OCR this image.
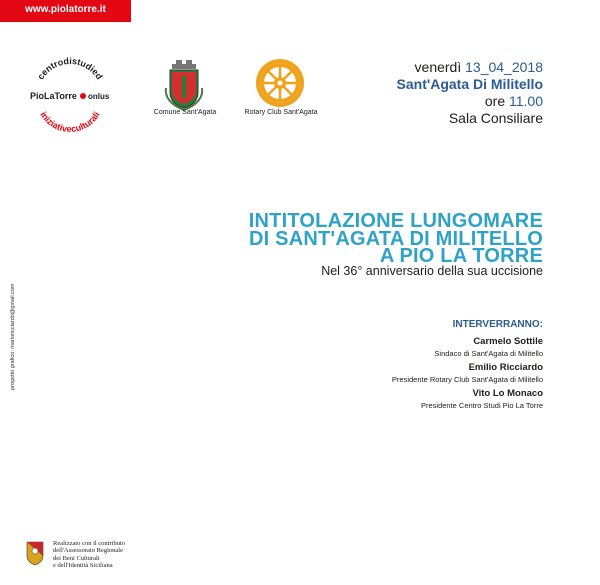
www.piolatorre.it
centrodistudied
iniziativeculturali
PioLaTorre onlus
Comune Sant'Agata	Rotary Club Sant'Agata
venerdì 13_04_2018
Sant'Agata Di Militello
ore 11.00
Sala Consiliare
INTITOLAZIONE LUNGOMARE
DI SANT'AGATA DI MILITELLO
A PIO LA TORRE
Nel 36° anniversario della sua uccisione
INTERVERRANNO:
Carmelo Sottile
Sindaco di Sant'Agata di Militello
Emilio Ricciardo
Presidente Rotary Club Sant'Agata di Militello
Vito Lo Monaco
Presidente Centro Studi Pio La Torre
progetto grafico: marioricciardo@gmail.com
Realizzato con il contributo
dell'Assessorato Regionale
dei Beni Culturali
e dell'Identità Siciliana
